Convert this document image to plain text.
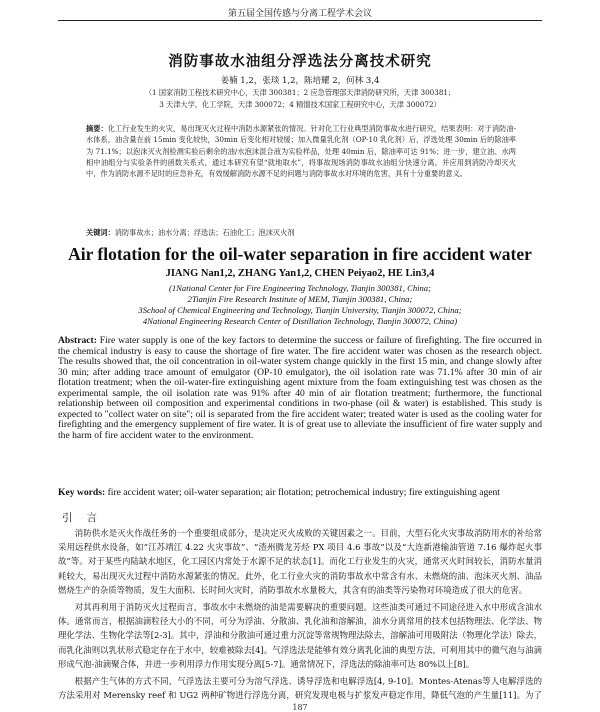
第五届全国传感与分离工程学术会议
消防事故水油组分浮选法分离技术研究
姜楠 1,2，张琰 1,2，陈培耀 2，何林 3,4
（1 国家消防工程技术研究中心，天津 300381；2 应急管理部天津消防研究所，天津 300381；
3 天津大学，化工学院，天津 300072；4 精馏技术国家工程研究中心，天津 300072）
摘要：化工行业发生的火灾，易出现灭火过程中消防水源紧张的情况。针对化工行业典型消防事故水进行研究，结果表明：对于消防油-水体系，油含量在前 15min 变化较快，30min 后变化相对较缓；加入微量乳化剂（OP-10 乳化剂）后，浮选处理 30min 后的除油率为 71.1%；以泡沫灭火剂检测实验后剩余的油/水泡沫混合液为实验样品，处理 40min 后，除油率可达 91%；进一步，建立油、水两相中油组分与实验条件的函数关系式，通过本研究有望“就地取水”，将事故现场消防事故水油组分快速分离，并应用到消防冷却灭火中，作为消防水源不足时的应急补充，有效缓解消防水源不足的问题与消防事故水对环境的危害，具有十分重要的意义。
关键词：消防事故水；油水分离；浮选法；石油化工；泡沫灭火剂
Air flotation for the oil-water separation in fire accident water
JIANG Nan1,2, ZHANG Yan1,2, CHEN Peiyao2, HE Lin3,4
(1National Center for Fire Engineering Technology, Tianjin 300381, China;
2Tianjin Fire Research Institute of MEM, Tianjin 300381, China;
3School of Chemical Engineering and Technology, Tianjin University, Tianjin 300072, China;
4National Engineering Research Center of Distillation Technology, Tianjin 300072, China)
Abstract: Fire water supply is one of the key factors to determine the success or failure of firefighting. The fire occurred in the chemical industry is easy to cause the shortage of fire water. The fire accident water was chosen as the research object. The results showed that, the oil concentration in oil-water system change quickly in the first 15 min, and change slowly after 30 min; after adding trace amount of emulgator (OP-10 emulgator), the oil isolation rate was 71.1% after 30 min of air flotation treatment; when the oil-water-fire extinguishing agent mixture from the foam extinguishing test was chosen as the experimental sample, the oil isolation rate was 91% after 40 min of air flotation treatment; furthermore, the functional relationship between oil composition and experimental conditions in two-phase (oil & water) is established. This study is expected to "collect water on site"; oil is separated from the fire accident water; treated water is used as the cooling water for firefighting and the emergency supplement of fire water. It is of great use to alleviate the insufficient of fire water supply and the harm of fire accident water to the environment.
Key words: fire accident water; oil-water separation; air flotation; petrochemical industry; fire extinguishing agent
引言
消防供水是灭火作战任务的一个重要组成部分，是决定灭火成败的关键因素之一。目前，大型石化火灾事故消防用水的补给常采用远程供水设备，如“江苏靖江 4.22 火灾事故”、“渣州腾龙芳烃 PX 项目 4.6 事故”以及“大连新港输油管道 7.16 爆炸起火事故”等。对于某些内陆缺水地区，化工园区内常处于水源不足的状态[1]。而化工行业发生的火灾，通常灭火时间较长，消防水量消耗较大，易出现灭火过程中消防水源紧张的情况。此外，化工行业火灾的消防事故水中常含有水、未燃烧的油、泡沫灭火剂、油品燃烧生产的杂质等物质，发生大面积、长时间火灾时，消防事故水水量极大，其含有的油类等污染物对环境造成了很大的危害。
对其再利用于消防灭火过程而言，事故水中未燃烧的油是需要解决的重要问题。这些油类可通过不同途径进入水中形成含油水体。通常而言，根据油滴粒径大小的不同，可分为浮油、分散油、乳化油和溶解油，油水分离常用的技术包括物理法、化学法、物理化学法、生物化学法等[2-3]。其中，浮油和分散油可通过重力沉淀等常规物理法除去，溶解油可用吸附法（物理化学法）除去，而乳化油则以乳状形式稳定存在于水中，较难被除去[4]。气浮选法是能够有效分离乳化油的典型方法，可利用其中的微气泡与油滴形成气泡-油滴聚合体，并进一步利用浮力作用实现分离[5-7]。通常情况下，浮选法的除油率可达 80%以上[8]。
根据产生气体的方式不同，气浮选法主要可分为溶气浮选、诱导浮选和电解浮选[4, 9-10]。Montes-Atenas等人电解浮选的方法采用对 Merensky reef 和 UG2 两种矿物进行浮选分离，研究发现电极与扩浆发声稳定作用，降低气泡的产生量[11]。为了
187
